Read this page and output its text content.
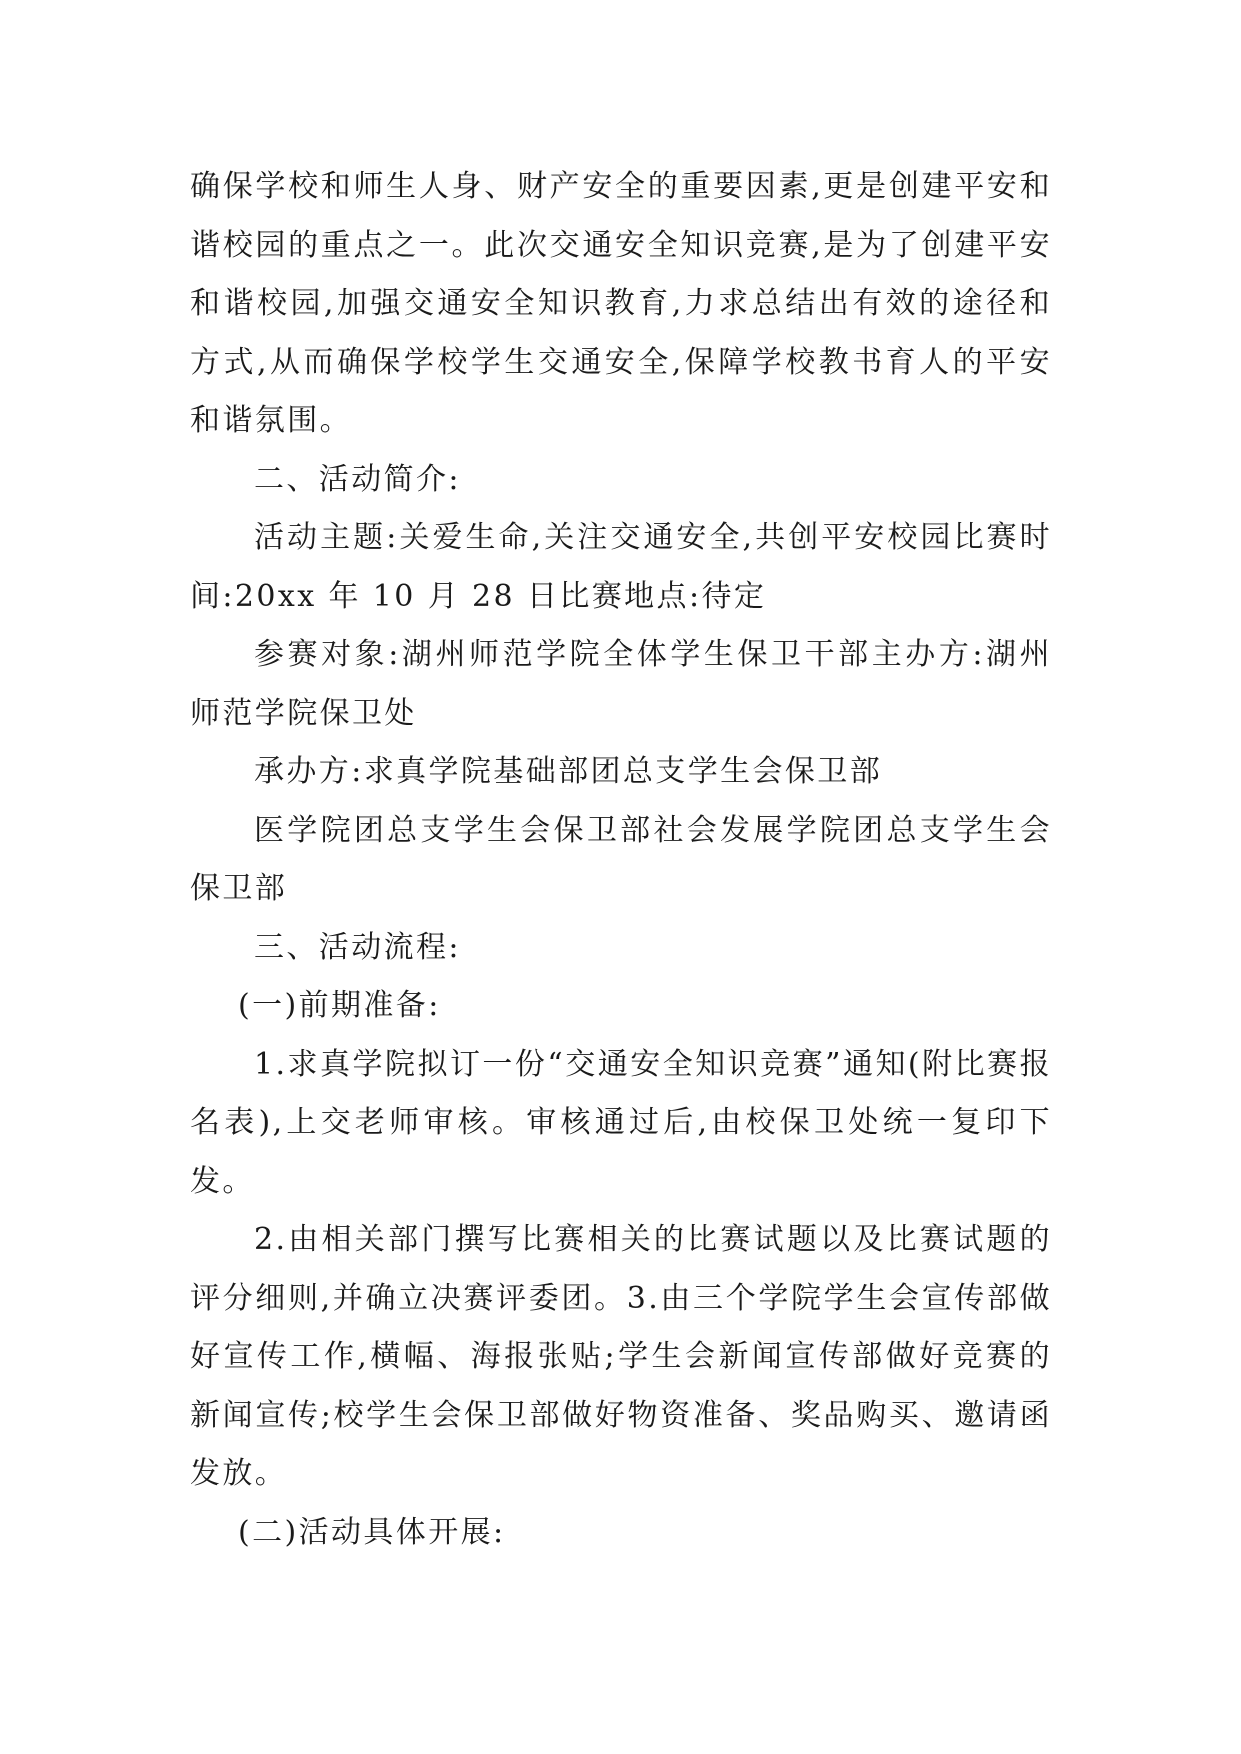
确保学校和师生人身、财产安全的重要因素,更是创建平安和谐校园的重点之一。此次交通安全知识竞赛,是为了创建平安和谐校园,加强交通安全知识教育,力求总结出有效的途径和方式,从而确保学校学生交通安全,保障学校教书育人的平安和谐氛围。

二、活动简介:

活动主题:关爱生命,关注交通安全,共创平安校园比赛时间:20xx 年 10 月 28 日比赛地点:待定

参赛对象:湖州师范学院全体学生保卫干部主办方:湖州师范学院保卫处

承办方:求真学院基础部团总支学生会保卫部

医学院团总支学生会保卫部社会发展学院团总支学生会保卫部

三、活动流程:

(一)前期准备:

1.求真学院拟订一份“交通安全知识竞赛”通知(附比赛报名表),上交老师审核。审核通过后,由校保卫处统一复印下发。

2.由相关部门撰写比赛相关的比赛试题以及比赛试题的评分细则,并确立决赛评委团。3.由三个学院学生会宣传部做好宣传工作,横幅、海报张贴;学生会新闻宣传部做好竞赛的新闻宣传;校学生会保卫部做好物资准备、奖品购买、邀请函发放。

(二)活动具体开展:
